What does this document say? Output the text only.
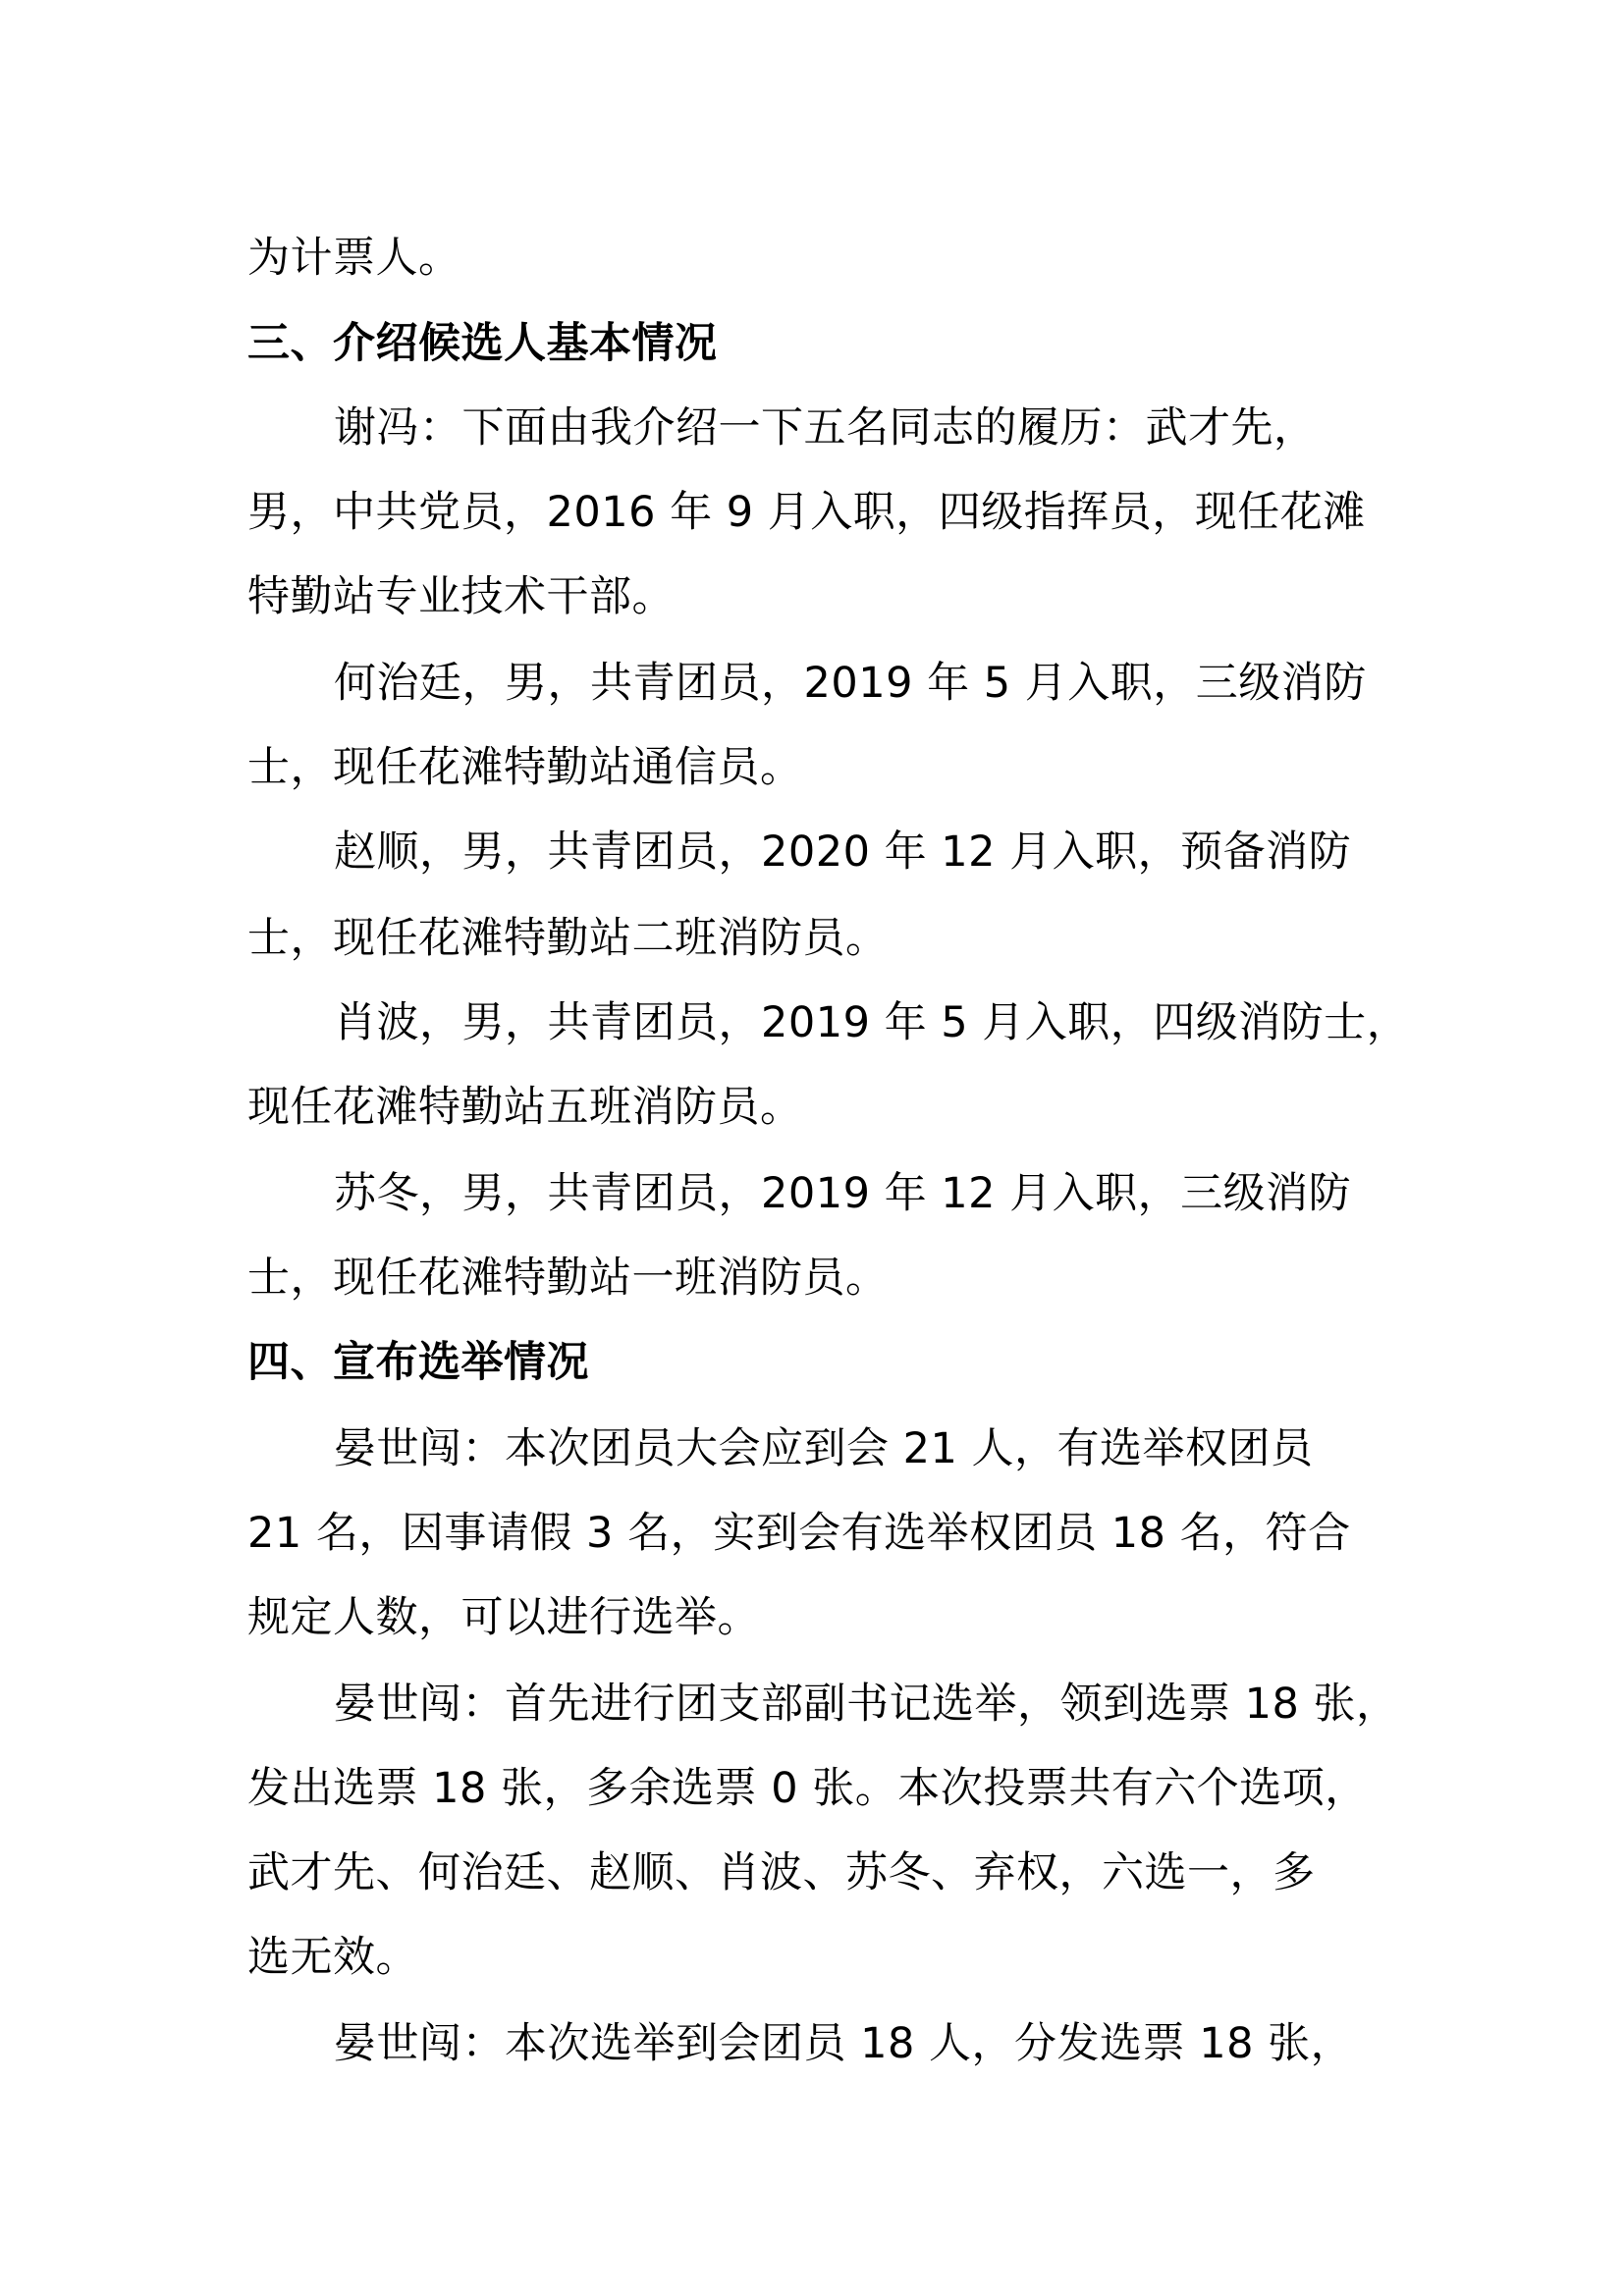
为计票人。
三、介绍候选人基本情况
谢冯：下面由我介绍一下五名同志的履历：武才先，
男，中共党员，2016 年 9 月入职，四级指挥员，现任花滩
特勤站专业技术干部。
何治廷，男，共青团员，2019 年 5 月入职，三级消防
士，现任花滩特勤站通信员。
赵顺，男，共青团员，2020 年 12 月入职，预备消防
士，现任花滩特勤站二班消防员。
肖波，男，共青团员，2019 年 5 月入职，四级消防士，
现任花滩特勤站五班消防员。
苏冬，男，共青团员，2019 年 12 月入职，三级消防
士，现任花滩特勤站一班消防员。
四、宣布选举情况
晏世闯：本次团员大会应到会 21 人，有选举权团员
21 名，因事请假 3 名，实到会有选举权团员 18 名，符合
规定人数，可以进行选举。
晏世闯：首先进行团支部副书记选举，领到选票 18 张，
发出选票 18 张，多余选票 0 张。本次投票共有六个选项，
武才先、何治廷、赵顺、肖波、苏冬、弃权，六选一，多
选无效。
晏世闯：本次选举到会团员 18 人，分发选票 18 张，
